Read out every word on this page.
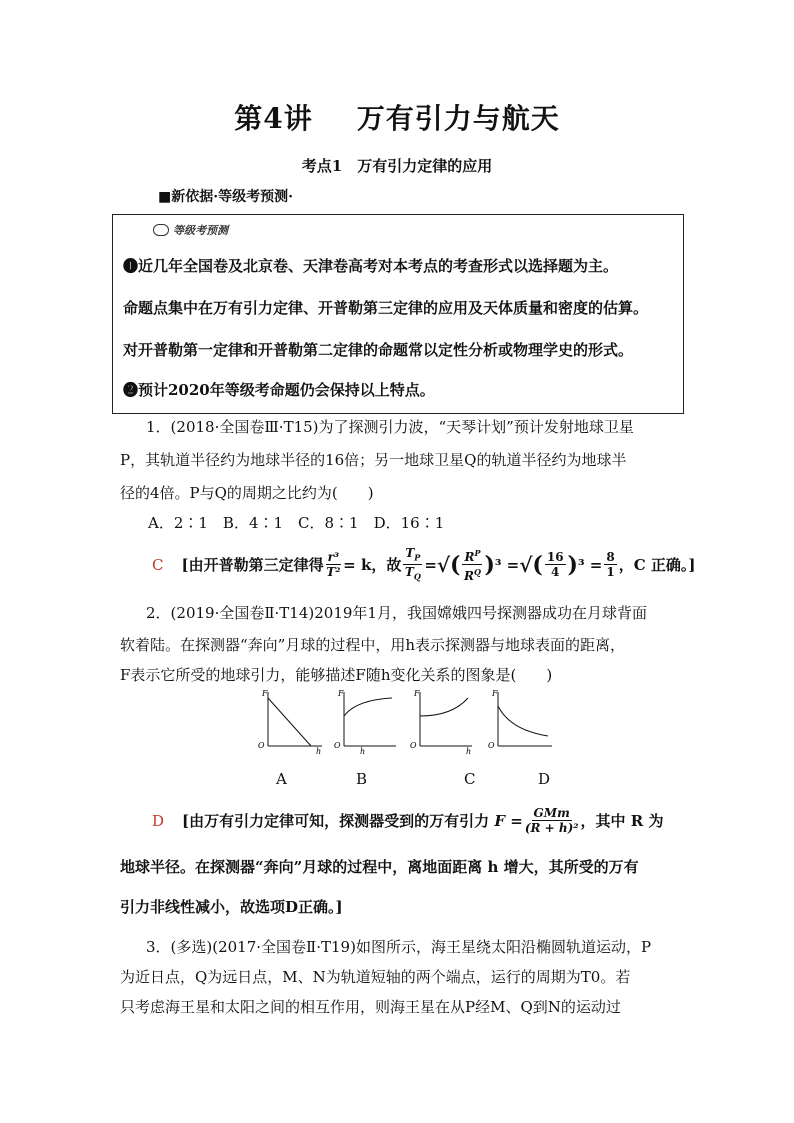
第4讲 万有引力与航天
考点1　万有引力定律的应用
■新依据·等级考预测·
等级考预测

❶近几年全国卷及北京卷、天津卷高考对本考点的考查形式以选择题为主。

命题点集中在万有引力定律、开普勒第三定律的应用及天体质量和密度的估算。

对开普勒第一定律和开普勒第二定律的命题常以定性分析或物理学史的形式。

❷预计2020年等级考命题仍会保持以上特点。

1．(2018·全国卷Ⅲ·T15)为了探测引力波，“天琴计划”预计发射地球卫星

P，其轨道半径约为地球半径的16倍；另一地球卫星Q的轨道半径约为地球半

径的4倍。P与Q的周期之比约为(　　)

A．2∶1　B．4∶1　C．8∶1　D．16∶1

C [由开普勒第三定律得 $\frac{\text{r³}}{\text{T²}} = k$，故 $\frac{T_P}{T_Q}$ = √ ( $\frac{R^P}{R^Q}$ ) ³ = √ ( $\frac{16}{4}$ ) $^3 = \frac{8}{1}$ ，C 正确。]

2．(2019·全国卷Ⅱ·T14)2019年1月，我国嫦娥四号探测器成功在月球背面

软着陆。在探测器“奔向”月球的过程中，用h表示探测器与地球表面的距离，

F表示它所受的地球引力，能够描述F随h变化关系的图象是(　　)

F
O
h
F
O
h
F
O
h
F
O
A	B	C	D
D [由万有引力定律可知，探测器受到的万有引力 $F = \frac{\text{GMm}}{\text{(R + h)²}}$ ，其中 R 为

地球半径。在探测器“奔向”月球的过程中，离地面距离 h 增大，其所受的万有

引力非线性减小，故选项D正确。]

3．(多选)(2017·全国卷Ⅱ·T19)如图所示，海王星绕太阳沿椭圆轨道运动，P

为近日点，Q为远日点，M、N为轨道短轴的两个端点，运行的周期为T0。若

只考虑海王星和太阳之间的相互作用，则海王星在从P经M、Q到N的运动过
